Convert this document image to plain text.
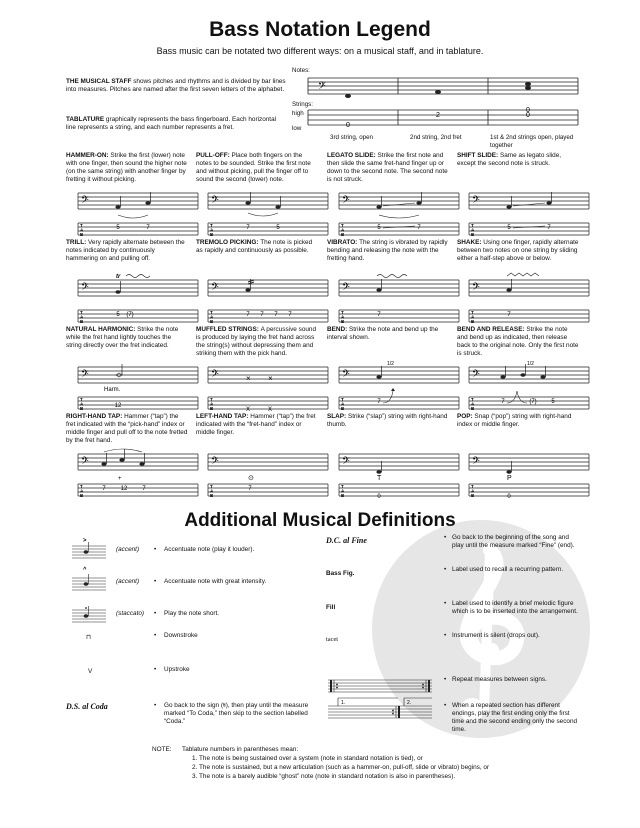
Bass Notation Legend
Bass music can be notated two different ways: on a musical staff, and in tablature.
THE MUSICAL STAFF shows pitches and rhythms and is divided by bar lines into measures. Pitches are named after the first seven letters of the alphabet.
TABLATURE graphically represents the bass fingerboard. Each horizontal line represents a string, and each number represents a fret.
Notes:
Strings:
high
low
𝄢
0
2
0
0
3rd string, open	2nd string, 2nd fret	1st & 2nd strings open, played together
HAMMER-ON: Strike the first (lower) note with one finger, then sound the higher note (on the same string) with another finger by fretting it without picking.
𝄢
T
A
B
5	7
PULL-OFF: Place both fingers on the notes to be sounded. Strike the first note and without picking, pull the finger off to sound the second (lower) note.
𝄢
T
A
B
7	5
LEGATO SLIDE: Strike the first note and then slide the same fret-hand finger up or down to the second note. The second note is not struck.
𝄢
T
A
B
5	7
SHIFT SLIDE: Same as legato slide, except the second note is struck.
𝄢
T
A
B
5	7
TRILL: Very rapidly alternate between the notes indicated by continuously hammering on and pulling off.
𝄢
T
A
B
tr
5 (7)
TREMOLO PICKING: The note is picked as rapidly and continuously as possible.
𝄢
T
A
B
7 7 7 7
VIBRATO: The string is vibrated by rapidly bending and releasing the note with the fretting hand.
𝄢
T
A
B
7
SHAKE: Using one finger, rapidly alternate between two notes on one string by sliding either a half-step above or below.
𝄢
T
A
B
7
NATURAL HARMONIC: Strike the note while the fret hand lightly touches the string directly over the fret indicated.
𝄢
T
A
B
Harm.
12
MUFFLED STRINGS: A percussive sound is produced by laying the fret hand across the string(s) without depressing them and striking them with the pick hand.
𝄢
T
A
B
× ×
X	X
BEND: Strike the note and bend up the interval shown.
𝄢
T
A
B
1/2
7
BEND AND RELEASE: Strike the note and bend up as indicated, then release back to the original note. Only the first note is struck.
𝄢
T
A
B
1/2
7	(7) 5
RIGHT-HAND TAP: Hammer (“tap”) the fret indicated with the “pick-hand” index or middle finger and pull off to the note fretted by the fret hand.
𝄢
T
A
B
+
7 12 7
LEFT-HAND TAP: Hammer (“tap”) the fret indicated with the “fret-hand” index or middle finger.
𝄢
T
A
B
⊙
7
SLAP: Strike (“slap”) string with right-hand thumb.
𝄢
T
A
B
T
0
POP: Snap (“pop”) string with right-hand index or middle finger.
𝄢
T
A
B
P
0
Additional Musical Definitions
>
(accent) • Accentuate note (play it louder).
^
(accent) • Accentuate note with great intensity.
(staccato) • Play the note short.
⊓	• Downstroke
V	• Upstroke
D.S. al Coda	• Go back to the sign (𝄋), then play until the measure marked “To Coda,” then skip to the section labelled “Coda.”
D.C. al Fine	• Go back to the beginning of the song and play until the measure marked “Fine” (end).
Bass Fig.
• Label used to recall a recurring pattern.
Fill
• Label used to identify a brief melodic figure which is to be inserted into the arrangement.
tacet
• Instrument is silent (drops out).
• Repeat measures between signs.
1.	2.	• When a repeated section has different endings, play the first ending only the first time and the second ending only the second time.
NOTE: Tablature numbers in parentheses mean:
1. The note is being sustained over a system (note in standard notation is tied), or
2. The note is sustained, but a new articulation (such as a hammer-on, pull-off, slide or vibrato) begins, or
3. The note is a barely audible “ghost” note (note in standard notation is also in parentheses).
